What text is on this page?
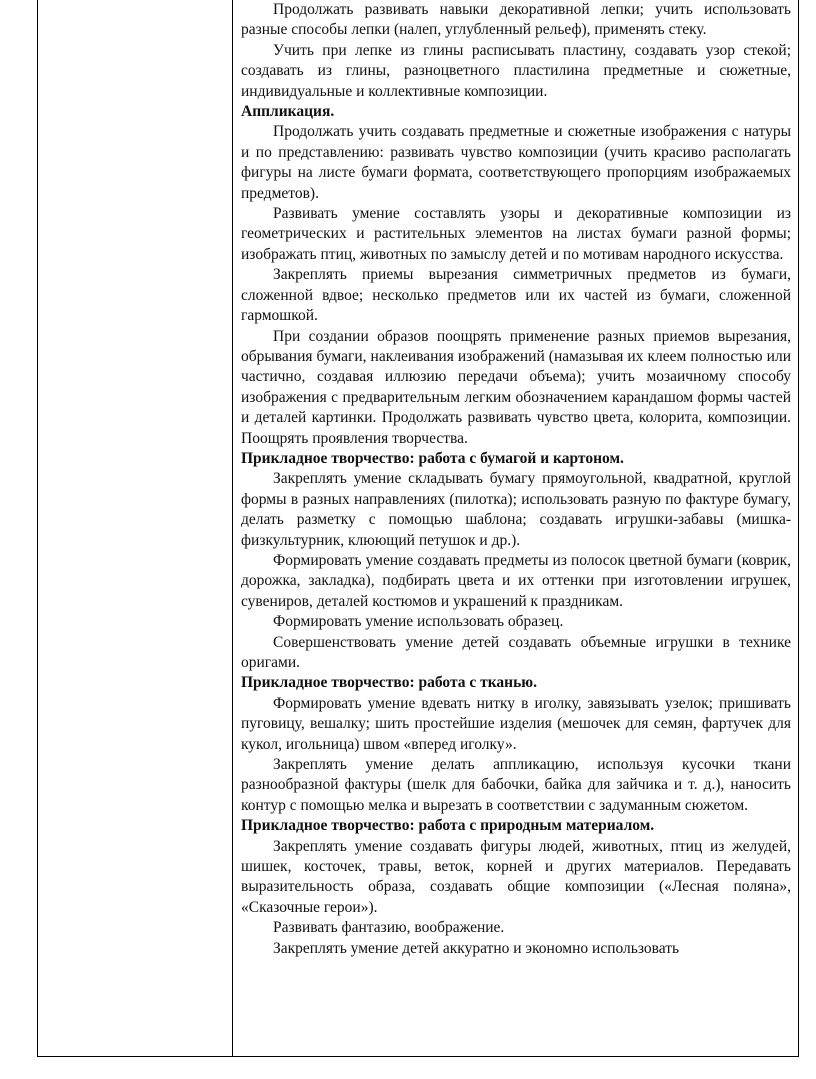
Продолжать развивать навыки декоративной лепки; учить использовать разные способы лепки (налеп, углубленный рельеф), применять стеку.

Учить при лепке из глины расписывать пластину, создавать узор стекой; создавать из глины, разноцветного пластилина предметные и сюжетные, индивидуальные и коллективные композиции.

Аппликация.

Продолжать учить создавать предметные и сюжетные изображения с натуры и по представлению: развивать чувство композиции (учить красиво располагать фигуры на листе бумаги формата, соответствующего пропорциям изображаемых предметов).

Развивать умение составлять узоры и декоративные композиции из геометрических и растительных элементов на листах бумаги разной формы; изображать птиц, животных по замыслу детей и по мотивам народного искусства.

Закреплять приемы вырезания симметричных предметов из бумаги, сложенной вдвое; несколько предметов или их частей из бумаги, сложенной гармошкой.

При создании образов поощрять применение разных приемов вырезания, обрывания бумаги, наклеивания изображений (намазывая их клеем полностью или частично, создавая иллюзию передачи объема); учить мозаичному способу изображения с предварительным легким обозначением карандашом формы частей и деталей картинки. Продолжать развивать чувство цвета, колорита, композиции. Поощрять проявления творчества.

Прикладное творчество: работа с бумагой и картоном.

Закреплять умение складывать бумагу прямоугольной, квадратной, круглой формы в разных направлениях (пилотка); использовать разную по фактуре бумагу, делать разметку с помощью шаблона; создавать игрушки-забавы (мишка-физкультурник, клюющий петушок и др.).

Формировать умение создавать предметы из полосок цветной бумаги (коврик, дорожка, закладка), подбирать цвета и их оттенки при изготовлении игрушек, сувениров, деталей костюмов и украшений к праздникам.

Формировать умение использовать образец.

Совершенствовать умение детей создавать объемные игрушки в технике оригами.

Прикладное творчество: работа с тканью.

Формировать умение вдевать нитку в иголку, завязывать узелок; пришивать пуговицу, вешалку; шить простейшие изделия (мешочек для семян, фартучек для кукол, игольница) швом «вперед иголку».

Закреплять умение делать аппликацию, используя кусочки ткани разнообразной фактуры (шелк для бабочки, байка для зайчика и т. д.), наносить контур с помощью мелка и вырезать в соответствии с задуманным сюжетом.

Прикладное творчество: работа с природным материалом.

Закреплять умение создавать фигуры людей, животных, птиц из желудей, шишек, косточек, травы, веток, корней и других материалов. Передавать выразительность образа, создавать общие композиции («Лесная поляна», «Сказочные герои»).

Развивать фантазию, воображение.

Закреплять умение детей аккуратно и экономно использовать
